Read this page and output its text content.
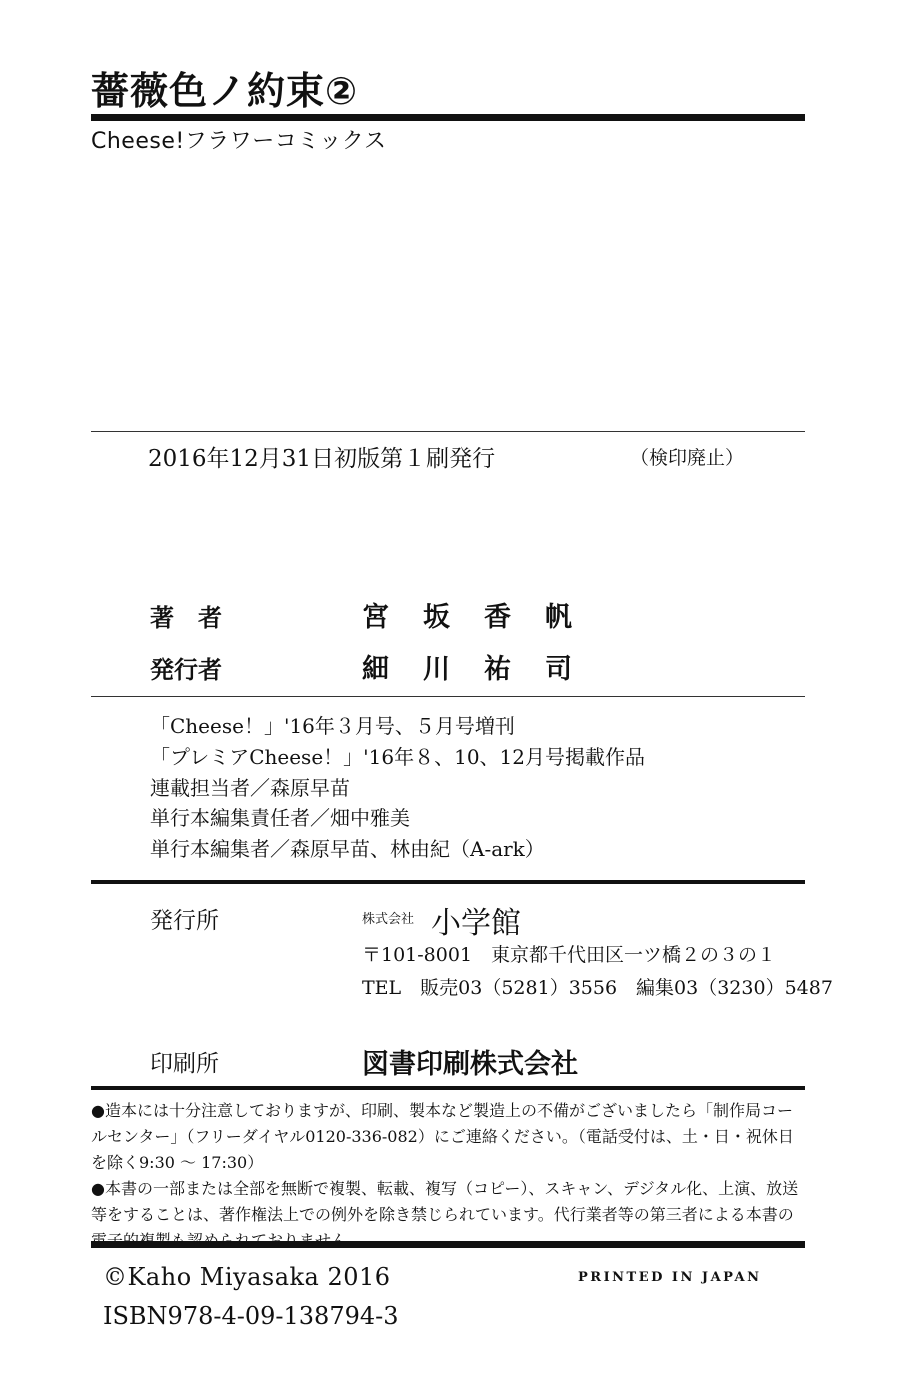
薔薇色ノ約束②
Cheese!フラワーコミックス
2016年12月31日初版第１刷発行	（検印廃止）
著　者	宮坂香帆
発行者	細川祐司
「Cheese！」'16年３月号、５月号増刊
「プレミアCheese！」'16年８、10、12月号掲載作品
連載担当者／森原早苗
単行本編集責任者／畑中雅美
単行本編集者／森原早苗、林由紀（A-ark）
発行所	株式会社 小学館
〒101-8001　東京都千代田区一ツ橋２の３の１
TEL　販売03（5281）3556　編集03（3230）5487
印刷所	図書印刷株式会社
●造本には十分注意しておりますが、印刷、製本など製造上の不備がございましたら「制作局コールセンター」（フリーダイヤル0120-336-082）にご連絡ください。（電話受付は、土・日・祝休日を除く9:30 〜 17:30）
●本書の一部または全部を無断で複製、転載、複写（コピー）、スキャン、デジタル化、上演、放送等をすることは、著作権法上での例外を除き禁じられています。代行業者等の第三者による本書の
©Kaho Miyasaka 2016
ISBN978-4-09-138794-3
PRINTED IN JAPAN
